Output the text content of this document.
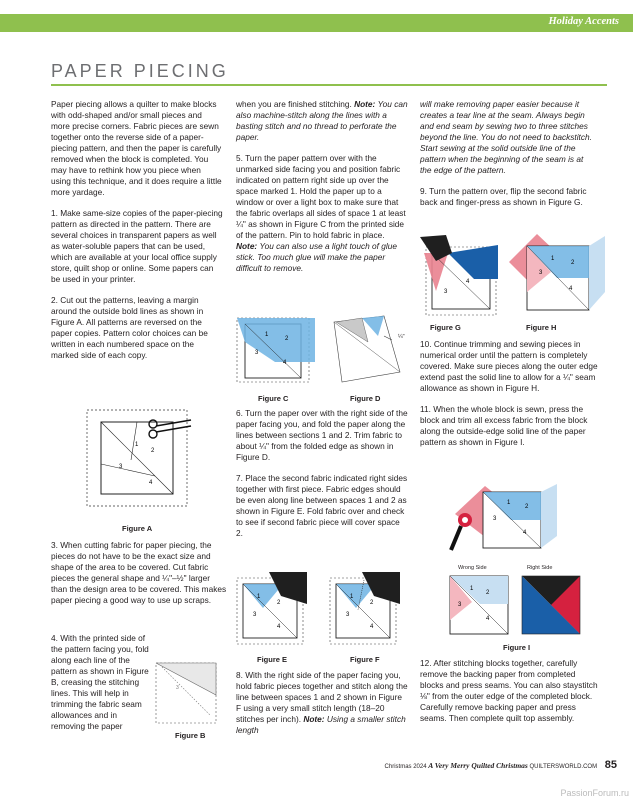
Holiday Accents
PAPER PIECING

Paper piecing allows a quilter to make blocks with odd-shaped and/or small pieces and more precise corners. Fabric pieces are sewn together onto the reverse side of a paper-piecing pattern, and then the paper is carefully removed when the block is completed. You may have to rethink how you piece when using this technique, and it does require a little more yardage.

1. Make same-size copies of the paper-piecing pattern as directed in the pattern. There are several choices in transparent papers as well as water-soluble papers that can be used, which are available at your local office supply store, quilt shop or online. Some papers can be used in your printer.

2. Cut out the patterns, leaving a margin around the outside bold lines as shown in Figure A. All patterns are reversed on the paper copies. Pattern color choices can be written in each numbered space on the marked side of each copy.

1
2
3
4
Figure A

3. When cutting fabric for paper piecing, the pieces do not have to be the exact size and shape of the area to be covered. Cut fabric pieces the general shape and ¼"–½" larger than the design area to be covered. This makes paper piecing a good way to use up scraps.

4. With the printed side of the pattern facing you, fold along each line of the pattern as shown in Figure B, creasing the stitching lines. This will help in trimming the fabric seam allowances and in removing the paper

3
Figure B

when you are finished stitching. Note: You can also machine-stitch along the lines with a basting stitch and no thread to perforate the paper.

5. Turn the paper pattern over with the unmarked side facing you and position fabric indicated on pattern right side up over the space marked 1. Hold the paper up to a window or over a light box to make sure that the fabric overlaps all sides of space 1 at least ¼" as shown in Figure C from the printed side of the pattern. Pin to hold fabric in place. Note: You can also use a light touch of glue stick. Too much glue will make the paper difficult to remove.

1
2
3
4
Figure C
¼"
Figure D

6. Turn the paper over with the right side of the paper facing you, and fold the paper along the lines between sections 1 and 2. Trim fabric to about ¼" from the folded edge as shown in Figure D.

7. Place the second fabric indicated right sides together with first piece. Fabric edges should be even along line between spaces 1 and 2 as shown in Figure E. Fold fabric over and check to see if second fabric piece will cover space 2.

1
2
3
4
Figure E
1
2
3
4
Figure F

8. With the right side of the paper facing you, hold fabric pieces together and stitch along the line between spaces 1 and 2 shown in Figure F using a very small stitch length (18–20 stitches per inch). Note: Using a smaller stitch length

will make removing paper easier because it creates a tear line at the seam. Always begin and end seam by sewing two to three stitches beyond the line. You do not need to backstitch. Start sewing at the solid outside line of the pattern when the beginning of the seam is at the edge of the pattern.

9. Turn the pattern over, flip the second fabric back and finger-press as shown in Figure G.

4
3
Figure G
1
2
3
4
Figure H

10. Continue trimming and sewing pieces in numerical order until the pattern is completely covered. Make sure pieces along the outer edge extend past the solid line to allow for a ¼" seam allowance as shown in Figure H.

11. When the whole block is sewn, press the block and trim all excess fabric from the block along the outside-edge solid line of the paper pattern as shown in Figure I.

1
2
3
4
Wrong Side	Right Side
1
2
3
4
Figure I

12. After stitching blocks together, carefully remove the backing paper from completed blocks and press seams. You can also staystitch ⅛" from the outer edge of the completed block. Carefully remove backing paper and press seams. Then complete quilt top assembly.

Christmas 2024 A Very Merry Quilted Christmas QUILTERSWORLD.COM 85
PassionForum.ru
